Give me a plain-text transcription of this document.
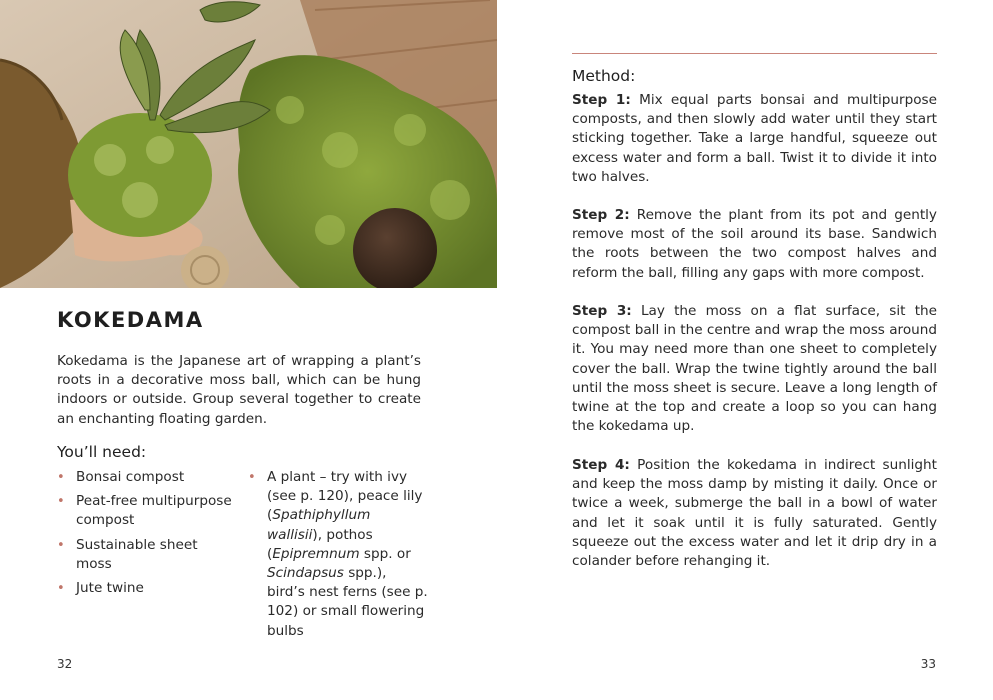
KOKEDAMA

Kokedama is the Japanese art of wrapping a plant’s roots in a decorative moss ball, which can be hung indoors or outside. Group several together to create an enchanting floating garden.

You’ll need:
• Bonsai compost
• Peat-free multipurpose compost
• Sustainable sheet moss
• Jute twine
• A plant – try with ivy (see p. 120), peace lily (Spathiphyllum wallisii), pothos (Epipremnum spp. or Scindapsus spp.), bird’s nest ferns (see p. 102) or small flowering bulbs
32
Method:

Step 1: Mix equal parts bonsai and multipurpose composts, and then slowly add water until they start sticking together. Take a large handful, squeeze out excess water and form a ball. Twist it to divide it into two halves.

Step 2: Remove the plant from its pot and gently remove most of the soil around its base. Sandwich the roots between the two compost halves and reform the ball, filling any gaps with more compost.

Step 3: Lay the moss on a flat surface, sit the compost ball in the centre and wrap the moss around it. You may need more than one sheet to completely cover the ball. Wrap the twine tightly around the ball until the moss sheet is secure. Leave a long length of twine at the top and create a loop so you can hang the kokedama up.

Step 4: Position the kokedama in indirect sunlight and keep the moss damp by misting it daily. Once or twice a week, submerge the ball in a bowl of water and let it soak until it is fully saturated. Gently squeeze out the excess water and let it drip dry in a colander before rehanging it.

33
